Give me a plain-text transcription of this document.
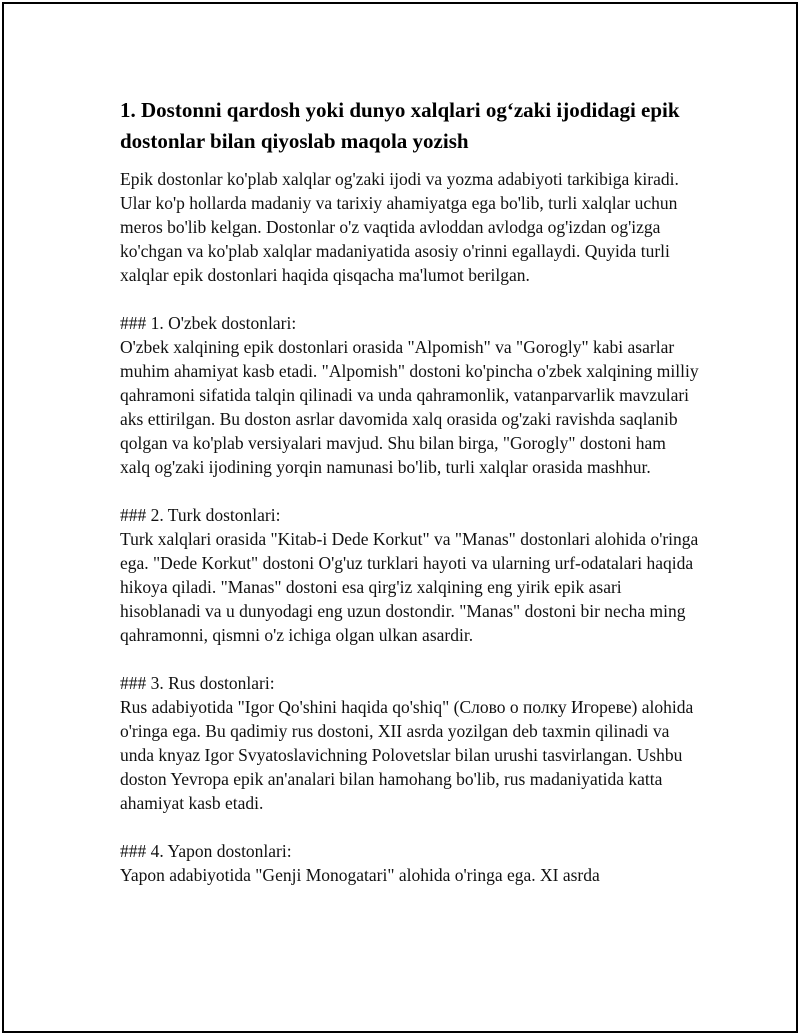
1. Dostonni qardosh yoki dunyo xalqlari og‘zaki ijodidagi epik dostonlar bilan qiyoslab maqola yozish

Epik dostonlar ko'plab xalqlar og'zaki ijodi va yozma adabiyoti tarkibiga kiradi. Ular ko'p hollarda madaniy va tarixiy ahamiyatga ega bo'lib, turli xalqlar uchun meros bo'lib kelgan. Dostonlar o'z vaqtida avloddan avlodga og'izdan og'izga ko'chgan va ko'plab xalqlar madaniyatida asosiy o'rinni egallaydi. Quyida turli xalqlar epik dostonlari haqida qisqacha ma'lumot berilgan.

### 1. O'zbek dostonlari:

O'zbek xalqining epik dostonlari orasida "Alpomish" va "Gorogly" kabi asarlar muhim ahamiyat kasb etadi. "Alpomish" dostoni ko'pincha o'zbek xalqining milliy qahramoni sifatida talqin qilinadi va unda qahramonlik, vatanparvarlik mavzulari aks ettirilgan. Bu doston asrlar davomida xalq orasida og'zaki ravishda saqlanib qolgan va ko'plab versiyalari mavjud. Shu bilan birga, "Gorogly" dostoni ham xalq og'zaki ijodining yorqin namunasi bo'lib, turli xalqlar orasida mashhur.

### 2. Turk dostonlari:

Turk xalqlari orasida "Kitab-i Dede Korkut" va "Manas" dostonlari alohida o'ringa ega. "Dede Korkut" dostoni O'g'uz turklari hayoti va ularning urf-odatalari haqida hikoya qiladi. "Manas" dostoni esa qirg'iz xalqining eng yirik epik asari hisoblanadi va u dunyodagi eng uzun dostondir. "Manas" dostoni bir necha ming qahramonni, qismni o'z ichiga olgan ulkan asardir.

### 3. Rus dostonlari:

Rus adabiyotida "Igor Qo'shini haqida qo'shiq" (Слово о полку Игореве) alohida o'ringa ega. Bu qadimiy rus dostoni, XII asrda yozilgan deb taxmin qilinadi va unda knyaz Igor Svyatoslavichning Polovetslar bilan urushi tasvirlangan. Ushbu doston Yevropa epik an'analari bilan hamohang bo'lib, rus madaniyatida katta ahamiyat kasb etadi.

### 4. Yapon dostonlari:

Yapon adabiyotida "Genji Monogatari" alohida o'ringa ega. XI asrda
